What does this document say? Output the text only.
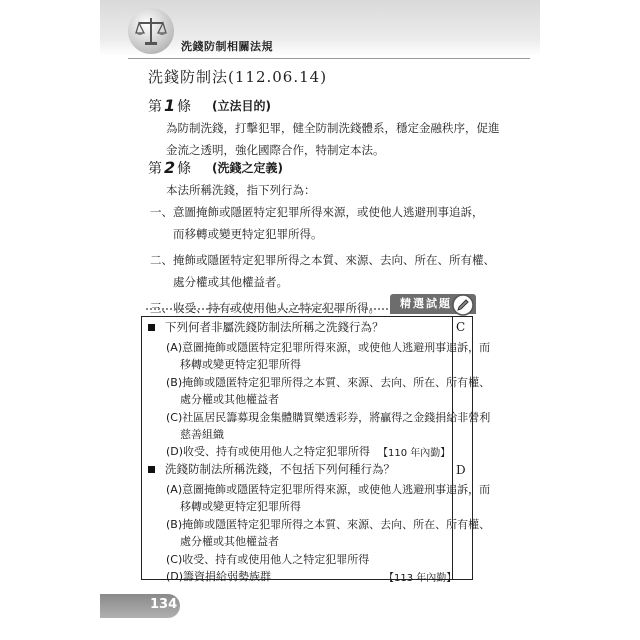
洗錢防制相關法規
洗錢防制法(112.06.14)
第 1 條 (立法目的)
為防制洗錢，打擊犯罪，健全防制洗錢體系，穩定金融秩序，促進
金流之透明，強化國際合作，特制定本法。
第 2 條 (洗錢之定義)
本法所稱洗錢，指下列行為：
一、意圖掩飾或隱匿特定犯罪所得來源，或使他人逃避刑事追訴，
　　而移轉或變更特定犯罪所得。
二、掩飾或隱匿特定犯罪所得之本質、來源、去向、所在、所有權、
　　處分權或其他權益者。
三、收受、持有或使用他人之特定犯罪所得。	精選試題
下列何者非屬洗錢防制法所稱之洗錢行為？	C
(A)意圖掩飾或隱匿特定犯罪所得來源，或使他人逃避刑事追訴，而
移轉或變更特定犯罪所得
(B)掩飾或隱匿特定犯罪所得之本質、來源、去向、所在、所有權、
處分權或其他權益者
(C)社區居民籌募現金集體購買樂透彩券，將贏得之金錢捐給非營利
慈善組織
(D)收受、持有或使用他人之特定犯罪所得 【110 年內勤】
洗錢防制法所稱洗錢，不包括下列何種行為？	D
(A)意圖掩飾或隱匿特定犯罪所得來源，或使他人逃避刑事追訴，而
移轉或變更特定犯罪所得
(B)掩飾或隱匿特定犯罪所得之本質、來源、去向、所在、所有權、
處分權或其他權益者
(C)收受、持有或使用他人之特定犯罪所得
(D)籌資捐給弱勢族群	【113 年內勤】
134
